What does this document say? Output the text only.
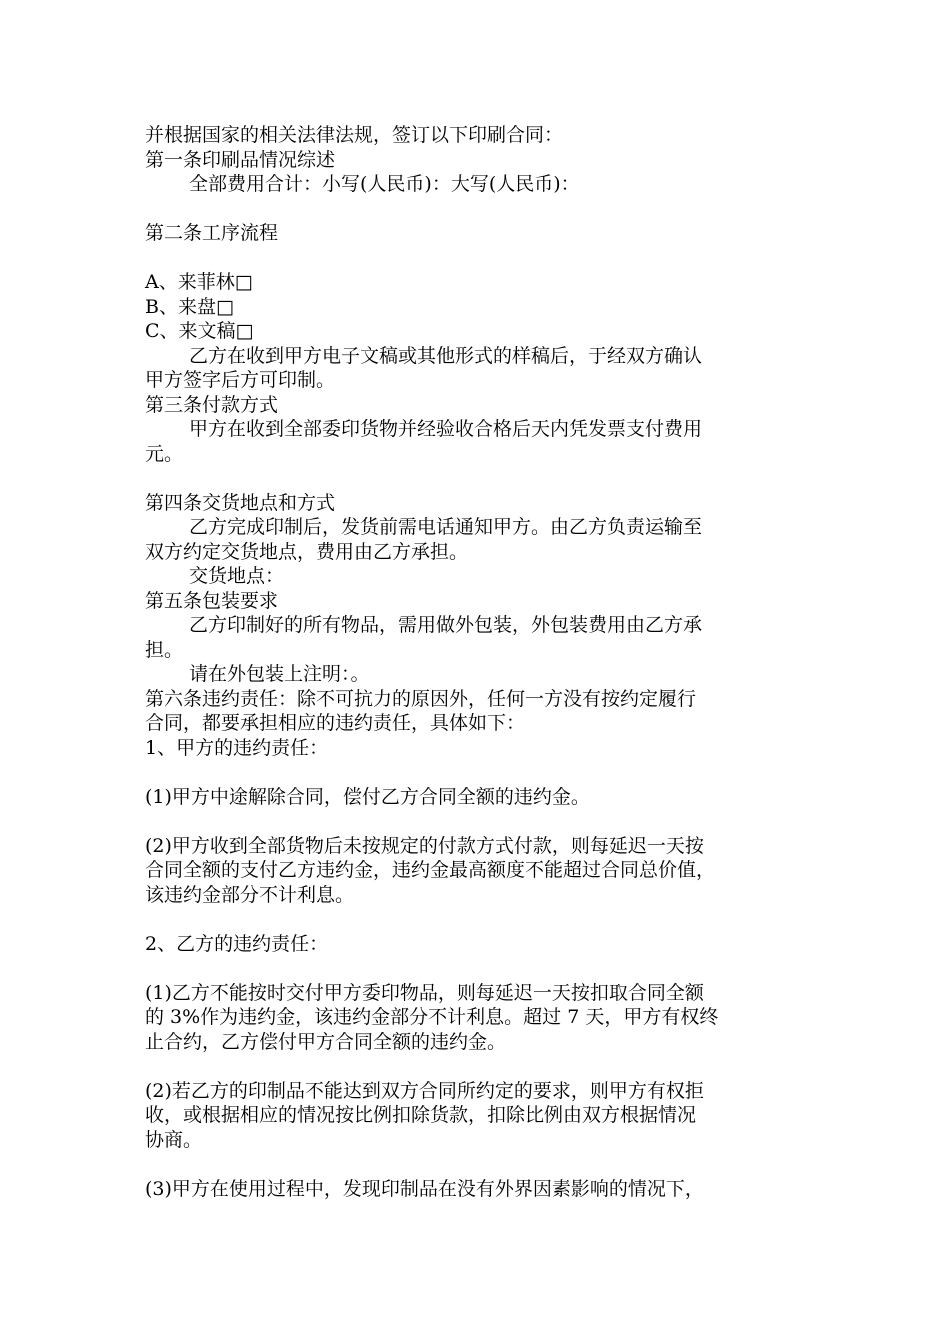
并根据国家的相关法律法规，签订以下印刷合同：

第一条印刷品情况综述

全部费用合计：小写(人民币)：大写(人民币)：

第二条工序流程

A、来菲林□

B、来盘□

C、来文稿□

乙方在收到甲方电子文稿或其他形式的样稿后，于经双方确认

甲方签字后方可印制。

第三条付款方式

甲方在收到全部委印货物并经验收合格后天内凭发票支付费用

元。

第四条交货地点和方式

乙方完成印制后，发货前需电话通知甲方。由乙方负责运输至

双方约定交货地点，费用由乙方承担。

交货地点：

第五条包装要求

乙方印制好的所有物品，需用做外包装，外包装费用由乙方承

担。

请在外包装上注明：。

第六条违约责任：除不可抗力的原因外，任何一方没有按约定履行

合同，都要承担相应的违约责任，具体如下：

1、甲方的违约责任：

(1)甲方中途解除合同，偿付乙方合同全额的违约金。

(2)甲方收到全部货物后未按规定的付款方式付款，则每延迟一天按

合同全额的支付乙方违约金，违约金最高额度不能超过合同总价值，

该违约金部分不计利息。

2、乙方的违约责任：

(1)乙方不能按时交付甲方委印物品，则每延迟一天按扣取合同全额

的 3%作为违约金，该违约金部分不计利息。超过 7 天，甲方有权终

止合约，乙方偿付甲方合同全额的违约金。

(2)若乙方的印制品不能达到双方合同所约定的要求，则甲方有权拒

收，或根据相应的情况按比例扣除货款，扣除比例由双方根据情况

协商。

(3)甲方在使用过程中，发现印制品在没有外界因素影响的情况下，
